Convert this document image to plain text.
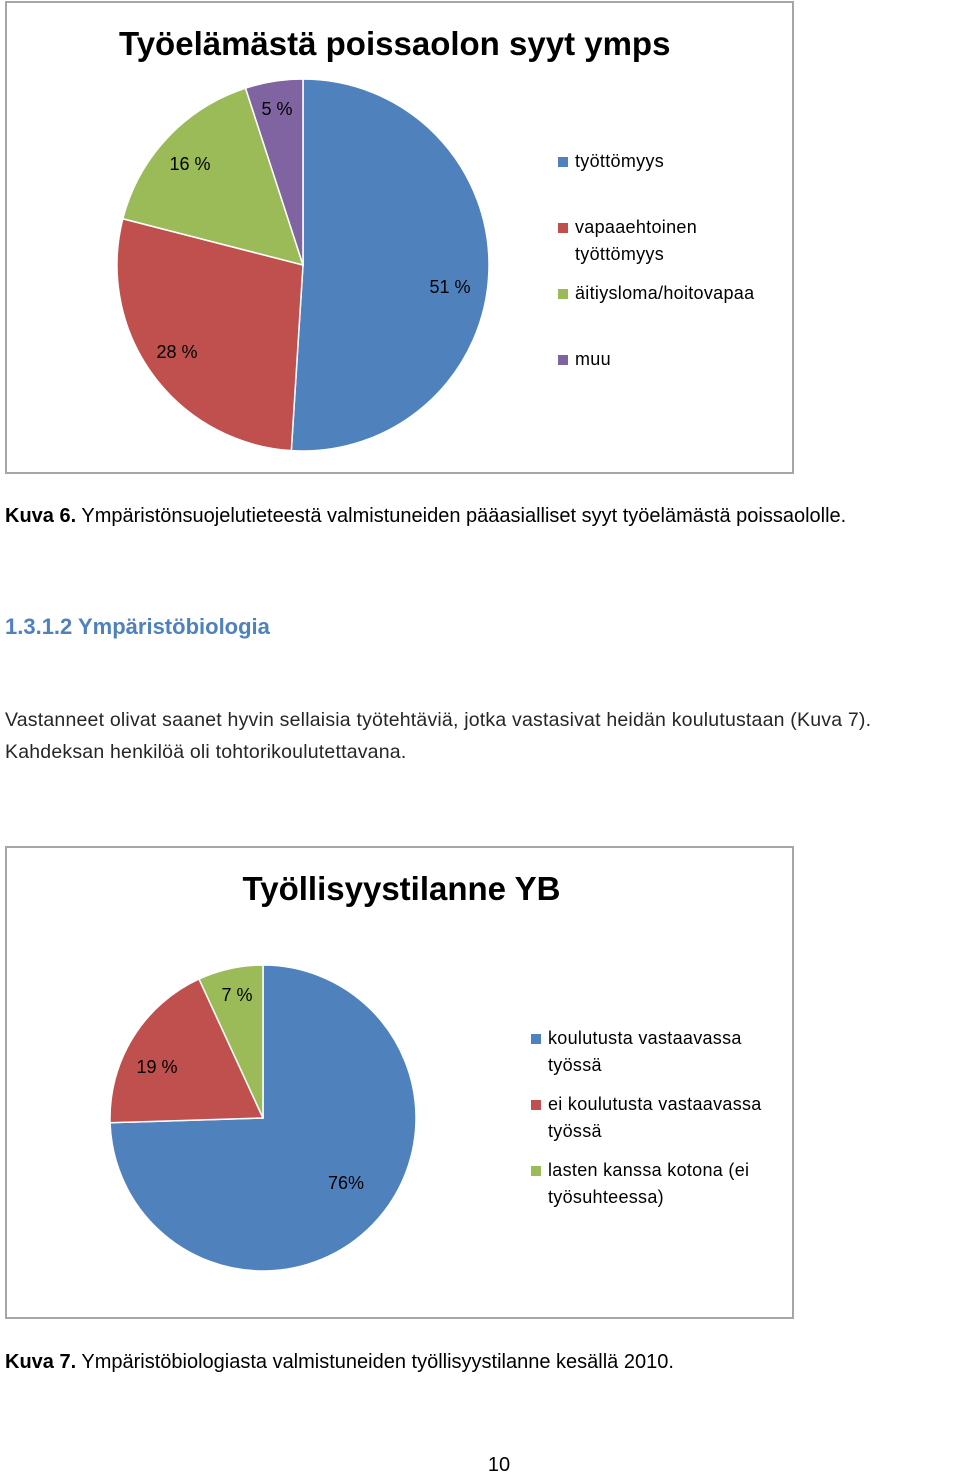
Työelämästä poissaolon syyt ymps
51 %
28 %
16 %
5 %
työttömyys
vapaaehtoinen työttömyys
äitiysloma/hoitovapaa
muu
Kuva 6. Ympäristönsuojelutieteestä valmistuneiden pääasialliset syyt työelämästä poissaololle.
1.3.1.2 Ympäristöbiologia
Vastanneet olivat saanet hyvin sellaisia työtehtäviä, jotka vastasivat heidän koulutustaan (Kuva 7).
Kahdeksan henkilöä oli tohtorikoulutettavana.
Työllisyystilanne YB
76%
19 %
7 %
koulutusta vastaavassa työssä
ei koulutusta vastaavassa työssä
lasten kanssa kotona (ei työsuhteessa)
Kuva 7. Ympäristöbiologiasta valmistuneiden työllisyystilanne kesällä 2010.
10
